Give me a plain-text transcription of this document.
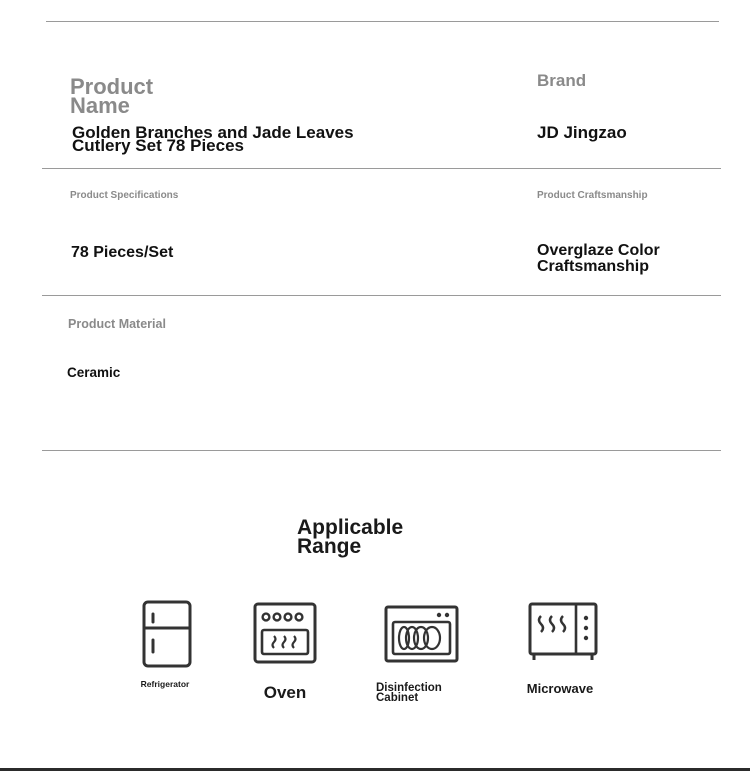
Product
Name
Golden Branches and Jade Leaves
Cutlery Set 78 Pieces
Brand
JD Jingzao
Product Specifications
78 Pieces/Set
Product Craftsmanship
Overglaze Color
Craftsmanship
Product Material
Ceramic
Applicable
Range
Refrigerator	Oven	Disinfection
Cabinet
Microwave
